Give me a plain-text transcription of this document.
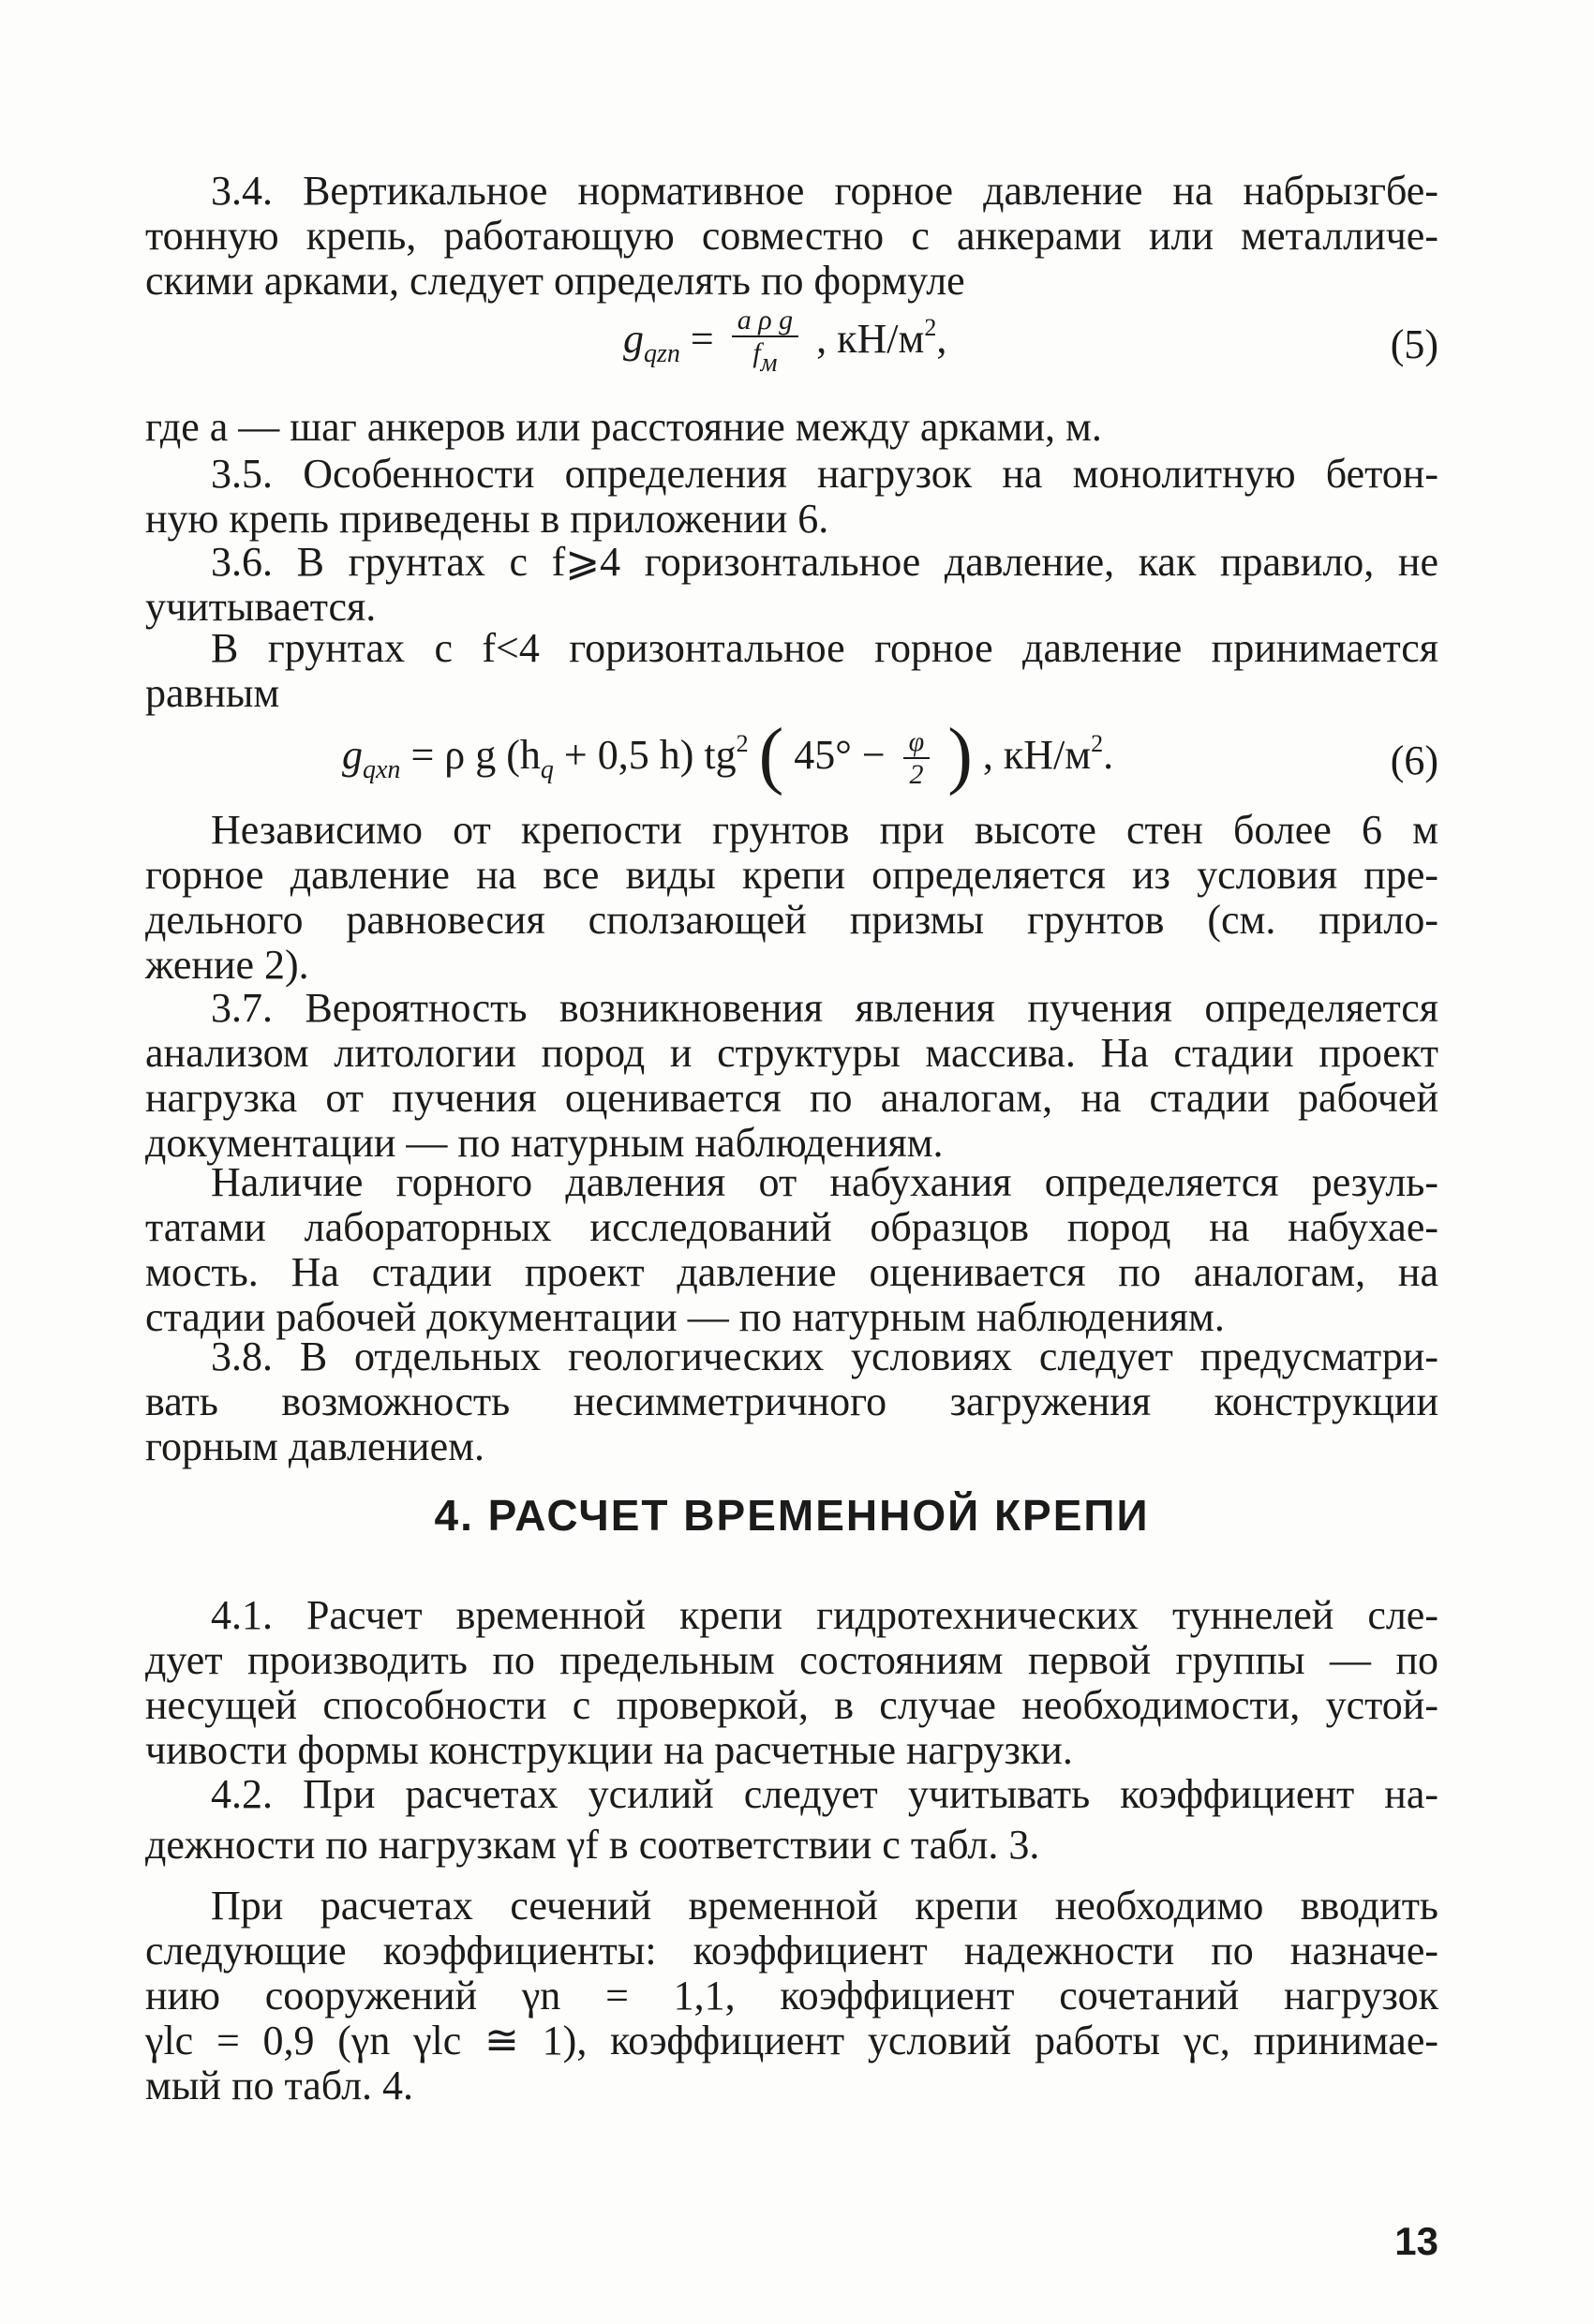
3.4. Вертикальное нормативное горное давление на набрызгбе-
тонную крепь, работающую совместно с анкерами или металличе-
скими арками, следует определять по формуле
$g_{qzn} = \frac{\text{a ρ g}}{fм}$ , $кН/м^2$,	(5)

где a — шаг анкеров или расстояние между арками, м.

3.5. Особенности определения нагрузок на монолитную бетон-
ную крепь приведены в приложении 6.
3.6. В грунтах с f⩾4 горизонтальное давление, как правило, не
учитывается.
В грунтах с f<4 горизонтальное горное давление принимается
равным
$g_{qxn} = \rho$ g ($h_q + 0,5$ h) $tg^2$ ( $45^\circ - \frac{\varphi}{2}$ ) , $кН/м^2$.	(6)
Независимо от крепости грунтов при высоте стен более 6 м
горное давление на все виды крепи определяется из условия пре-
дельного равновесия сползающей призмы грунтов (см. прило-
жение 2).
3.7. Вероятность возникновения явления пучения определяется
анализом литологии пород и структуры массива. На стадии проект
нагрузка от пучения оценивается по аналогам, на стадии рабочей
документации — по натурным наблюдениям.
Наличие горного давления от набухания определяется резуль-
татами лабораторных исследований образцов пород на набухае-
мость. На стадии проект давление оценивается по аналогам, на
стадии рабочей документации — по натурным наблюдениям.
3.8. В отдельных геологических условиях следует предусматри-
вать возможность несимметричного загружения конструкции
горным давлением.
4. РАСЧЕТ ВРЕМЕННОЙ КРЕПИ
4.1. Расчет временной крепи гидротехнических туннелей сле-
дует производить по предельным состояниям первой группы — по
несущей способности с проверкой, в случае необходимости, устой-
чивости формы конструкции на расчетные нагрузки.
4.2. При расчетах усилий следует учитывать коэффициент на-
дежности по нагрузкам γf в соответствии с табл. 3.
При расчетах сечений временной крепи необходимо вводить
следующие коэффициенты: коэффициент надежности по назначе-
нию сооружений γn = 1,1, коэффициент сочетаний нагрузок
γlc = 0,9 (γn γlc ≅ 1), коэффициент условий работы γc, принимае-
мый по табл. 4.
13
